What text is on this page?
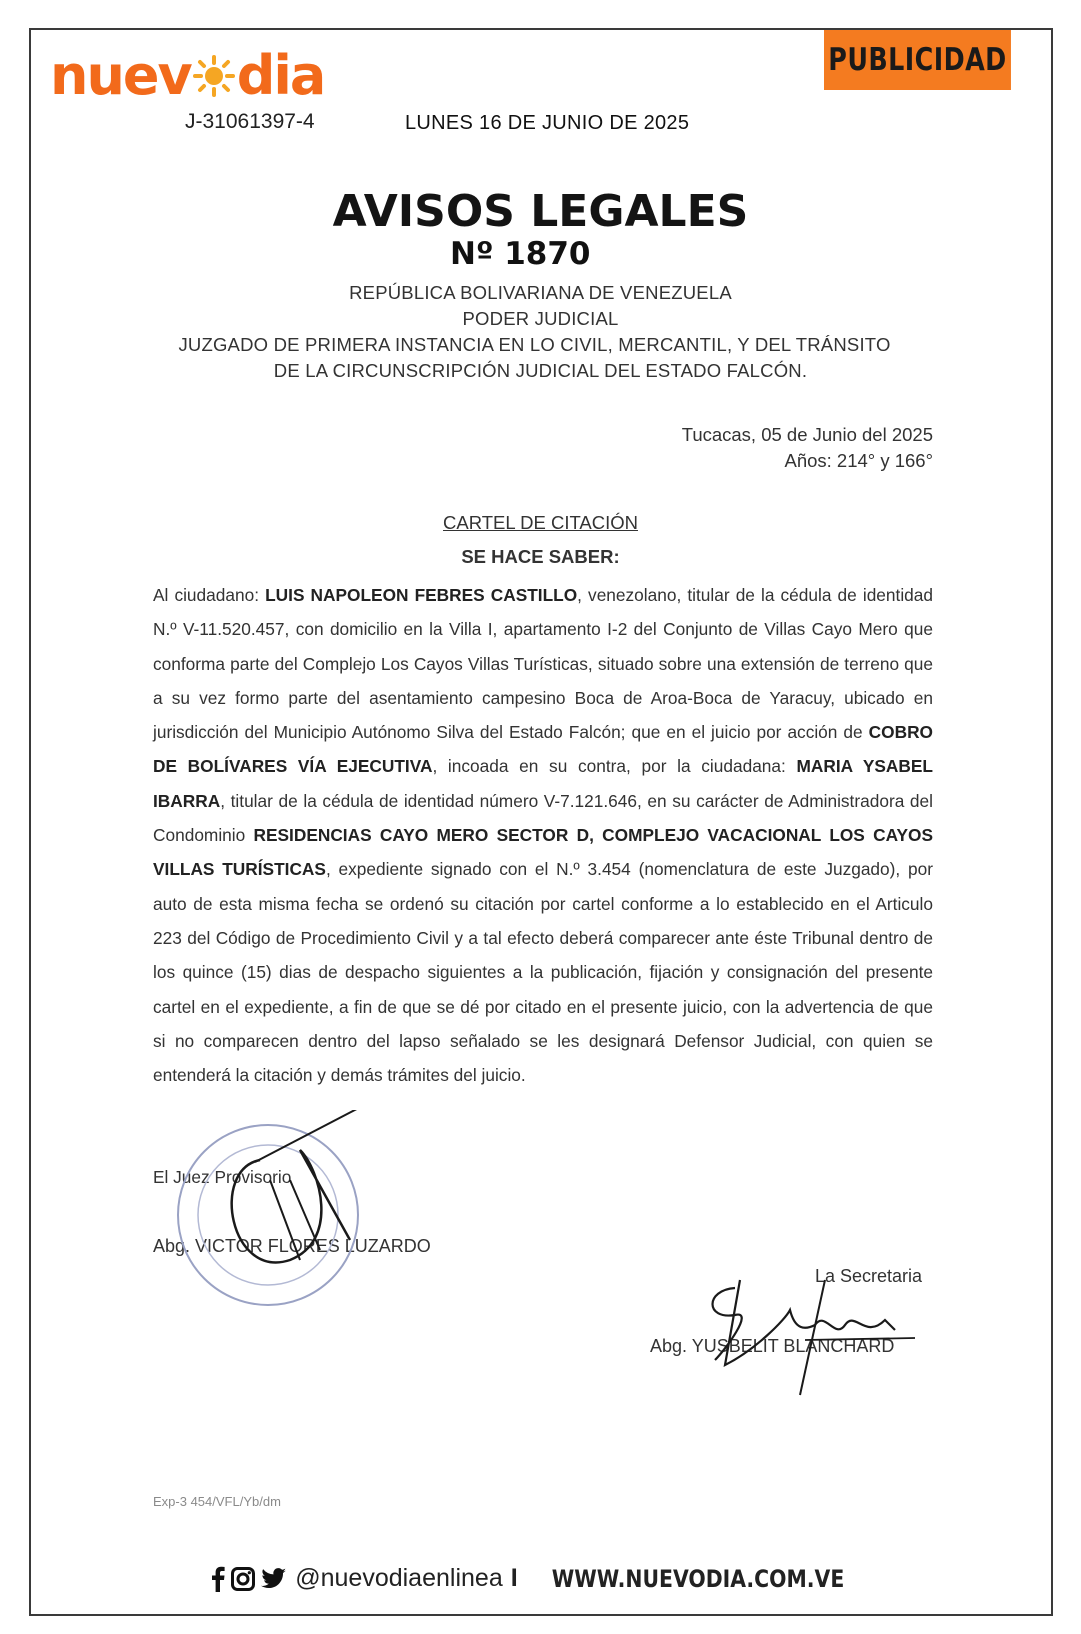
nuev dia
J-31061397-4	LUNES 16 DE JUNIO DE 2025
PUBLICIDAD
AVISOS LEGALES
Nº 1870
REPÚBLICA BOLIVARIANA DE VENEZUELA
PODER JUDICIAL
JUZGADO DE PRIMERA INSTANCIA EN LO CIVIL, MERCANTIL, Y DEL TRÁNSITO
DE LA CIRCUNSCRIPCIÓN JUDICIAL DEL ESTADO FALCÓN.
Tucacas, 05 de Junio del 2025
Años: 214° y 166°
CARTEL DE CITACIÓN
SE HACE SABER:
Al ciudadano: LUIS NAPOLEON FEBRES CASTILLO, venezolano, titular de la cédula de identidad N.º V-11.520.457, con domicilio en la Villa I, apartamento I-2 del Conjunto de Villas Cayo Mero que conforma parte del Complejo Los Cayos Villas Turísticas, situado sobre una extensión de terreno que a su vez formo parte del asentamiento campesino Boca de Aroa-Boca de Yaracuy, ubicado en jurisdicción del Municipio Autónomo Silva del Estado Falcón; que en el juicio por acción de COBRO DE BOLÍVARES VÍA EJECUTIVA, incoada en su contra, por la ciudadana: MARIA YSABEL IBARRA, titular de la cédula de identidad número V-7.121.646, en su carácter de Administradora del Condominio RESIDENCIAS CAYO MERO SECTOR D, COMPLEJO VACACIONAL LOS CAYOS VILLAS TURÍSTICAS, expediente signado con el N.º 3.454 (nomenclatura de este Juzgado), por auto de esta misma fecha se ordenó su citación por cartel conforme a lo establecido en el Articulo 223 del Código de Procedimiento Civil y a tal efecto deberá comparecer ante éste Tribunal dentro de los quince (15) dias de despacho siguientes a la publicación, fijación y consignación del presente cartel en el expediente, a fin de que se dé por citado en el presente juicio, con la advertencia de que si no comparecen dentro del lapso señalado se les designará Defensor Judicial, con quien se entenderá la citación y demás trámites del juicio.
El Juez Provisorio
Abg. VICTOR FLORES LUZARDO
La Secretaria
Abg. YUSBELIT BLANCHARD
Exp-3 454/VFL/Yb/dm
@nuevodiaenlinea I WWW.NUEVODIA.COM.VE
